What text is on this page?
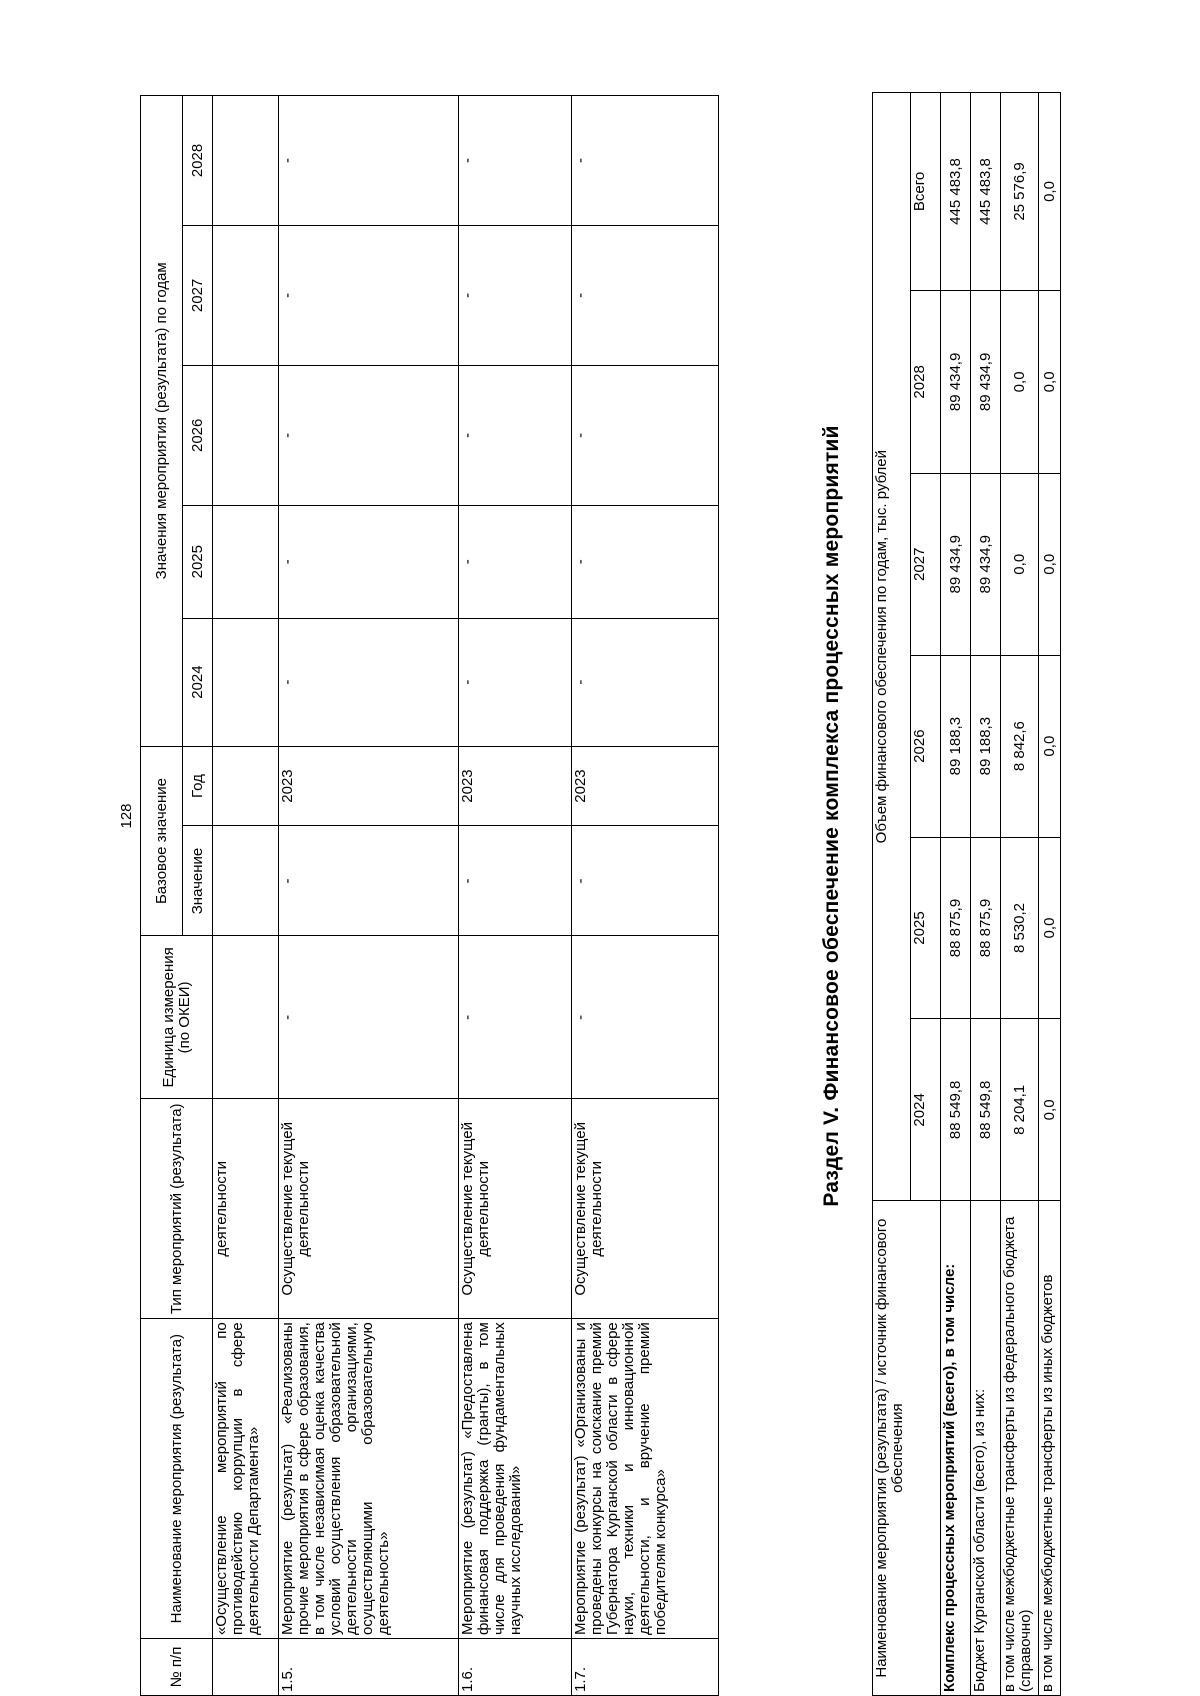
128
№ п/п	Наименование мероприятия (результата)	Тип мероприятий (результата)	Единица измерения (по ОКЕИ)	Базовое значение		Значения мероприятия (результата) по годам				
				Значение	Год	2024	2025	2026	2027	2028
	«Осуществление мероприятий по противодействию коррупции в сфере деятельности Департамента»	деятельности								
1.5.	Мероприятие (результат) «Реализованы прочие мероприятия в сфере образования, в том числе независимая оценка качества условий осуществления образовательной деятельности организациями, осуществляющими образовательную деятельность»	Осуществление текущей деятельности	-	-	2023	-	-	-	-	-
1.6.	Мероприятие (результат) «Предоставлена финансовая поддержка (гранты), в том числе для проведения фундаментальных научных исследований»	Осуществление текущей деятельности	-	-	2023	-	-	-	-	-
1.7.	Мероприятие (результат) «Организованы и проведены конкурсы на соискание премий Губернатора Курганской области в сфере науки, техники и инновационной деятельности, и вручение премий победителям конкурса»	Осуществление текущей деятельности	-	-	2023	-	-	-	-	-
Раздел V. Финансовое обеспечение комплекса процессных мероприятий
Наименование мероприятия (результата) / источник финансового обеспечения	Объем финансового обеспечения по годам, тыс. рублей					
	2024	2025	2026	2027	2028	Всего
Комплекс процессных мероприятий (всего), в том числе:	88 549,8	88 875,9	89 188,3	89 434,9	89 434,9	445 483,8
Бюджет Курганской области (всего), из них:	88 549,8	88 875,9	89 188,3	89 434,9	89 434,9	445 483,8
в том числе межбюджетные трансферты из федерального бюджета (справочно)	8 204,1	8 530,2	8 842,6	0,0	0,0	25 576,9
в том числе межбюджетные трансферты из иных бюджетов	0,0	0,0	0,0	0,0	0,0	0,0
